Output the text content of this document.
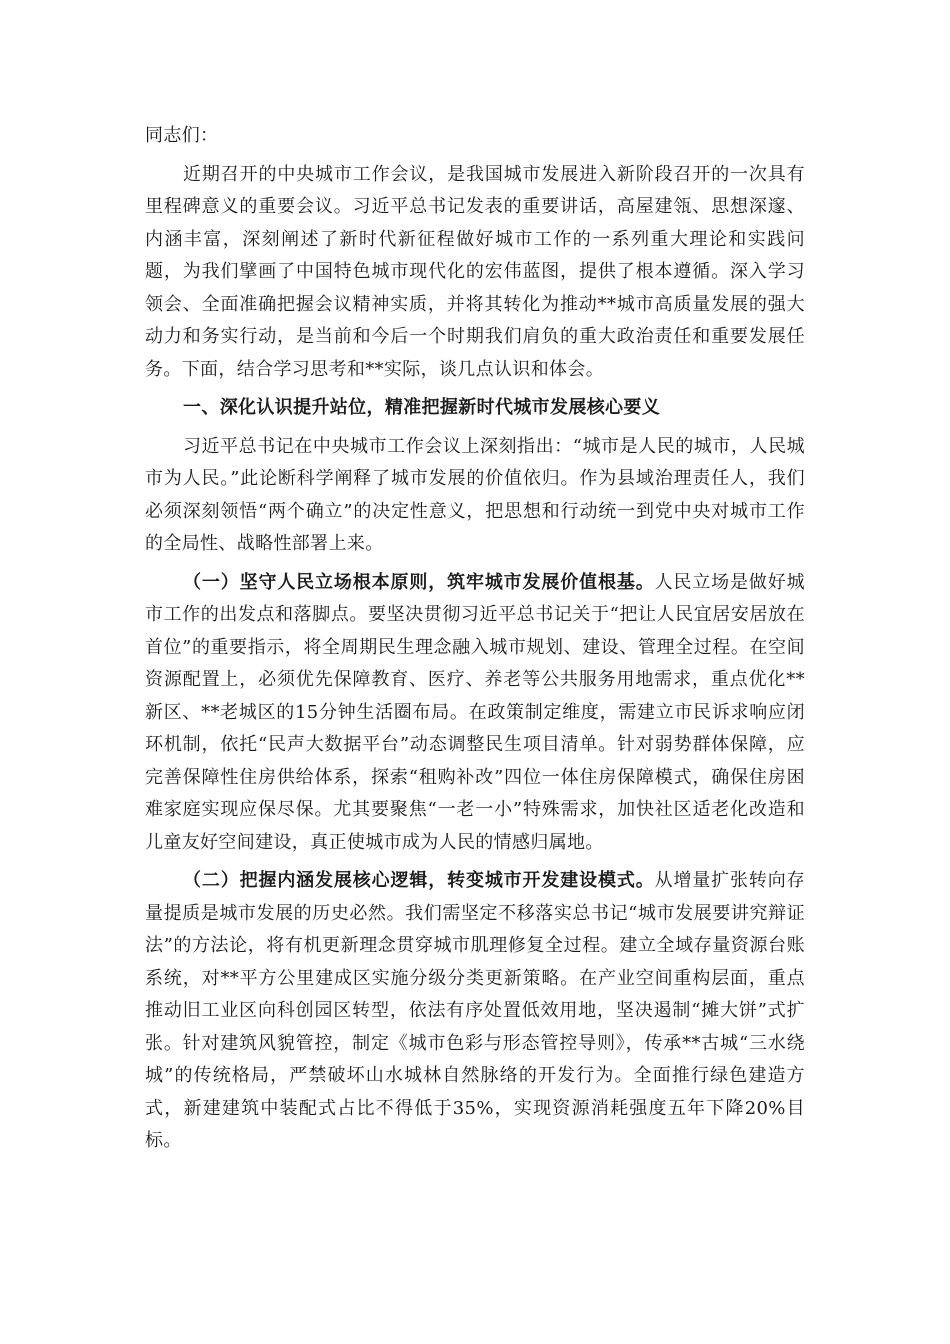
同志们：

近期召开的中央城市工作会议，是我国城市发展进入新阶段召开的一次具有里程碑意义的重要会议。习近平总书记发表的重要讲话，高屋建瓴、思想深邃、内涵丰富，深刻阐述了新时代新征程做好城市工作的一系列重大理论和实践问题，为我们擘画了中国特色城市现代化的宏伟蓝图，提供了根本遵循。深入学习领会、全面准确把握会议精神实质，并将其转化为推动**城市高质量发展的强大动力和务实行动，是当前和今后一个时期我们肩负的重大政治责任和重要发展任务。下面，结合学习思考和**实际，谈几点认识和体会。

一、深化认识提升站位，精准把握新时代城市发展核心要义

习近平总书记在中央城市工作会议上深刻指出：“城市是人民的城市，人民城市为人民。”此论断科学阐释了城市发展的价值依归。作为县域治理责任人，我们必须深刻领悟“两个确立”的决定性意义，把思想和行动统一到党中央对城市工作的全局性、战略性部署上来。

（一）坚守人民立场根本原则，筑牢城市发展价值根基。人民立场是做好城市工作的出发点和落脚点。要坚决贯彻习近平总书记关于“把让人民宜居安居放在首位”的重要指示，将全周期民生理念融入城市规划、建设、管理全过程。在空间资源配置上，必须优先保障教育、医疗、养老等公共服务用地需求，重点优化**新区、**老城区的15分钟生活圈布局。在政策制定维度，需建立市民诉求响应闭环机制，依托“民声大数据平台”动态调整民生项目清单。针对弱势群体保障，应完善保障性住房供给体系，探索“租购补改”四位一体住房保障模式，确保住房困难家庭实现应保尽保。尤其要聚焦“一老一小”特殊需求，加快社区适老化改造和儿童友好空间建设，真正使城市成为人民的情感归属地。

（二）把握内涵发展核心逻辑，转变城市开发建设模式。从增量扩张转向存量提质是城市发展的历史必然。我们需坚定不移落实总书记“城市发展要讲究辩证法”的方法论，将有机更新理念贯穿城市肌理修复全过程。建立全域存量资源台账系统，对**平方公里建成区实施分级分类更新策略。在产业空间重构层面，重点推动旧工业区向科创园区转型，依法有序处置低效用地，坚决遏制“摊大饼”式扩张。针对建筑风貌管控，制定《城市色彩与形态管控导则》，传承**古城“三水绕城”的传统格局，严禁破坏山水城林自然脉络的开发行为。全面推行绿色建造方式，新建建筑中装配式占比不得低于35%，实现资源消耗强度五年下降20%目标。
